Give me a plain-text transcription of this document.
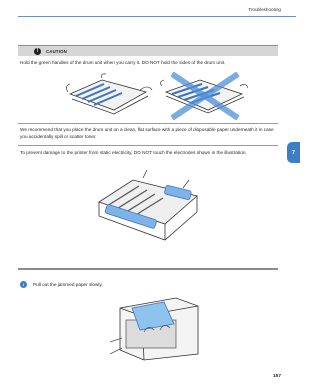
Troubleshooting
7
!	CAUTION
Hold the green handles of the drum unit when you carry it. DO NOT hold the sides of the drum unit.
We recommend that you place the drum unit on a clean, flat surface with a piece of disposable paper underneath it in case you accidentally spill or scatter toner.
To prevent damage to the printer from static electricity, DO NOT touch the electrodes shown in the illustration.
i	Pull out the jammed paper slowly.
157
